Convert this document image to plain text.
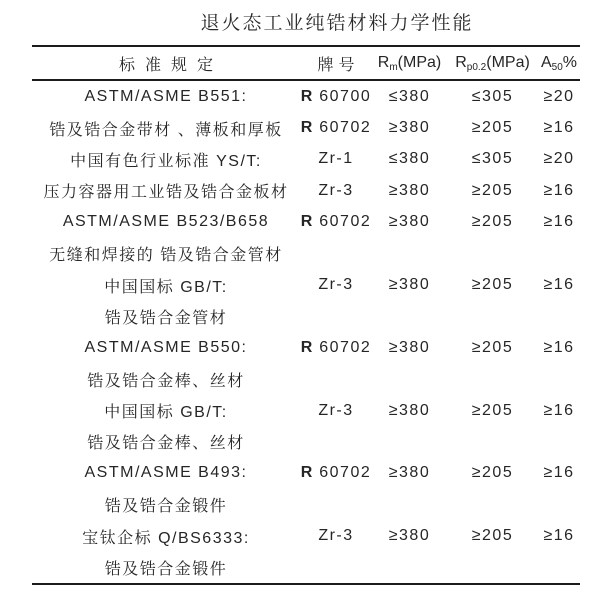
退火态工业纯锆材料力学性能
标准规定	牌号	$R_m(MPa)$	$R_{p0.2}(MPa)$	$A_{50}\%$
ASTM/ASME B551:	R 60700	≤380	≤305	≥20
锆及锆合金带材 、薄板和厚板	R 60702	≥380	≥205	≥16
中国有色行业标准 YS/T:	Zr-1	≤380	≤305	≥20
压力容器用工业锆及锆合金板材	Zr-3	≥380	≥205	≥16
ASTM/ASME B523/B658	R 60702	≥380	≥205	≥16
无缝和焊接的 锆及锆合金管材				
中国国标 GB/T:	Zr-3	≥380	≥205	≥16
锆及锆合金管材				
ASTM/ASME B550:	R 60702	≥380	≥205	≥16
锆及锆合金棒、丝材				
中国国标 GB/T:	Zr-3	≥380	≥205	≥16
锆及锆合金棒、丝材				
ASTM/ASME B493:	R 60702	≥380	≥205	≥16
锆及锆合金锻件				
宝钛企标 Q/BS6333:	Zr-3	≥380	≥205	≥16
锆及锆合金锻件				
